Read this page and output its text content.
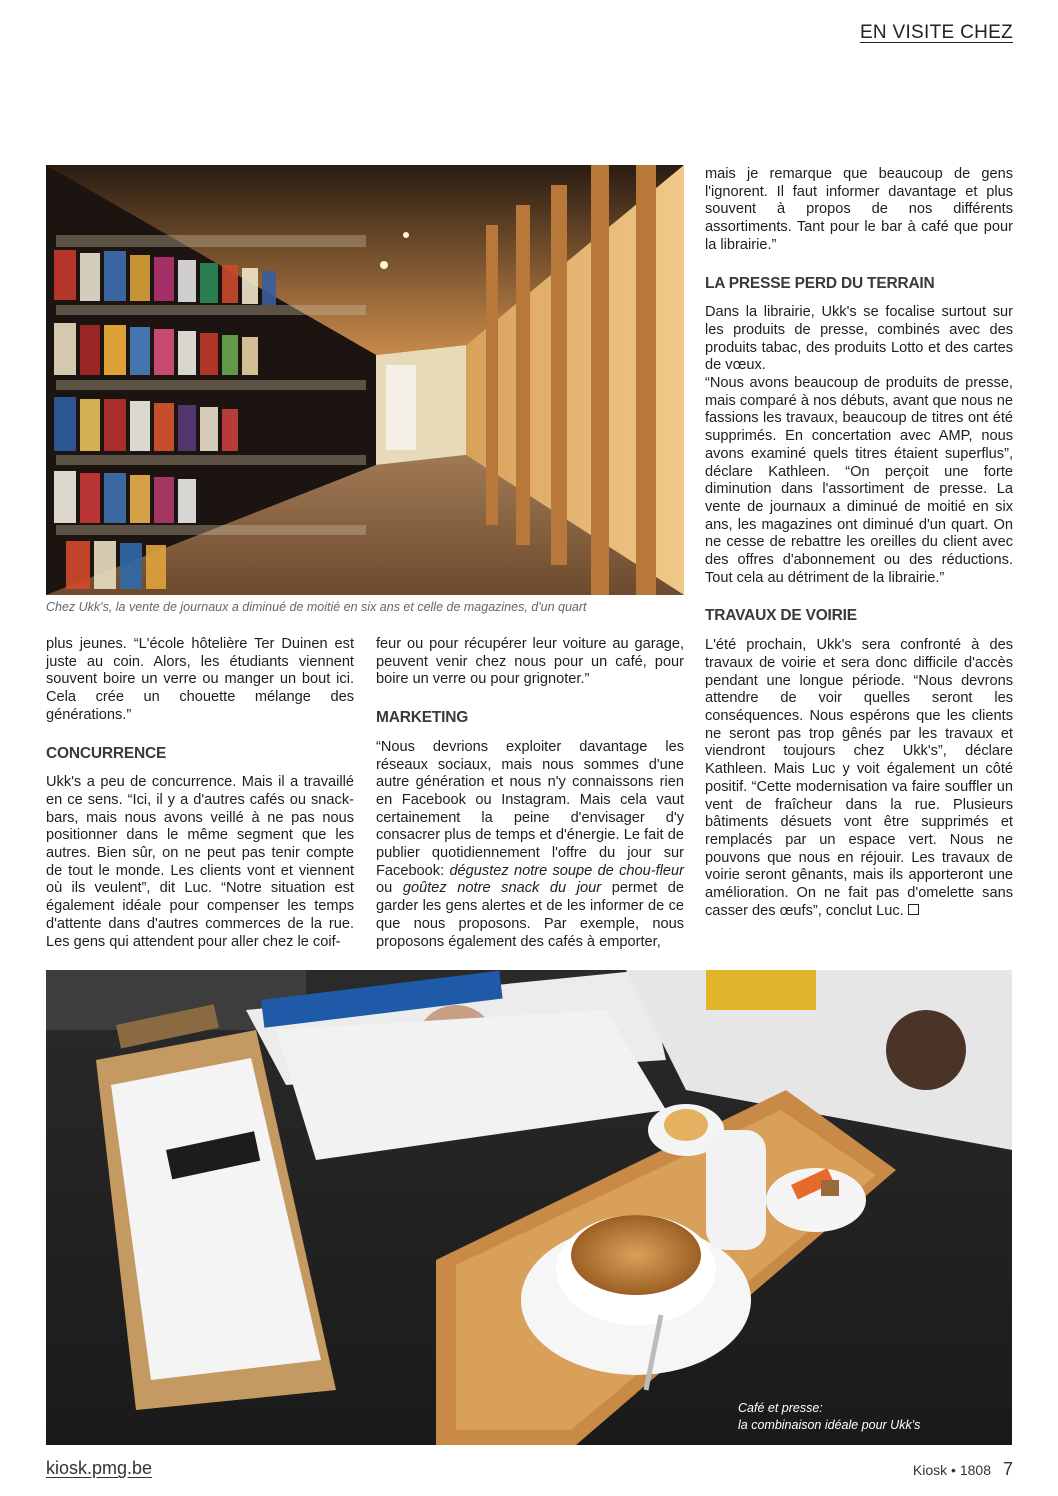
EN VISITE CHEZ
Chez Ukk's, la vente de journaux a diminué de moitié en six ans et celle de magazines, d'un quart

plus jeunes. “L'école hôtelière Ter Duinen est juste au coin. Alors, les étudiants viennent souvent boire un verre ou manger un bout ici. Cela crée un chouette mélange des générations.”

CONCURRENCE

Ukk's a peu de concurrence. Mais il a travaillé en ce sens. “Ici, il y a d'autres cafés ou snack-bars, mais nous avons veillé à ne pas nous positionner dans le même segment que les autres. Bien sûr, on ne peut pas tenir compte de tout le monde. Les clients vont et viennent où ils veulent”, dit Luc. “Notre situation est également idéale pour compenser les temps d'attente dans d'autres commerces de la rue. Les gens qui attendent pour aller chez le coif-

feur ou pour récupérer leur voiture au garage, peuvent venir chez nous pour un café, pour boire un verre ou pour grignoter.”

MARKETING

“Nous devrions exploiter davantage les réseaux sociaux, mais nous sommes d'une autre génération et nous n'y connaissons rien en Facebook ou Instagram. Mais cela vaut certainement la peine d'envisager d'y consacrer plus de temps et d'énergie. Le fait de publier quotidiennement l'offre du jour sur Facebook: dégustez notre soupe de chou-fleur ou goûtez notre snack du jour permet de garder les gens alertes et de les informer de ce que nous proposons. Par exemple, nous proposons également des cafés à emporter,

mais je remarque que beaucoup de gens l'ignorent. Il faut informer davantage et plus souvent à propos de nos différents assortiments. Tant pour le bar à café que pour la librairie.”

LA PRESSE PERD DU TERRAIN

Dans la librairie, Ukk's se focalise surtout sur les produits de presse, combinés avec des produits tabac, des produits Lotto et des cartes de vœux.

“Nous avons beaucoup de produits de presse, mais comparé à nos débuts, avant que nous ne fassions les travaux, beaucoup de titres ont été supprimés. En concertation avec AMP, nous avons examiné quels titres étaient superflus”, déclare Kathleen. “On perçoit une forte diminution dans l'assortiment de presse. La vente de journaux a diminué de moitié en six ans, les magazines ont diminué d'un quart. On ne cesse de rebattre les oreilles du client avec des offres d'abonnement ou des réductions. Tout cela au détriment de la librairie.”

TRAVAUX DE VOIRIE

L'été prochain, Ukk's sera confronté à des travaux de voirie et sera donc difficile d'accès pendant une longue période. “Nous devrons attendre de voir quelles seront les conséquences. Nous espérons que les clients ne seront pas trop gênés par les travaux et viendront toujours chez Ukk's”, déclare Kathleen. Mais Luc y voit également un côté positif. “Cette modernisation va faire souffler un vent de fraîcheur dans la rue. Plusieurs bâtiments désuets vont être supprimés et remplacés par un espace vert. Nous ne pouvons que nous en réjouir. Les travaux de voirie seront gênants, mais ils apporteront une amélioration. On ne fait pas d'omelette sans casser des œufs”, conclut Luc.

Café et presse:
la combinaison idéale pour Ukk's
kiosk.pmg.be	Kiosk • 1808 7
